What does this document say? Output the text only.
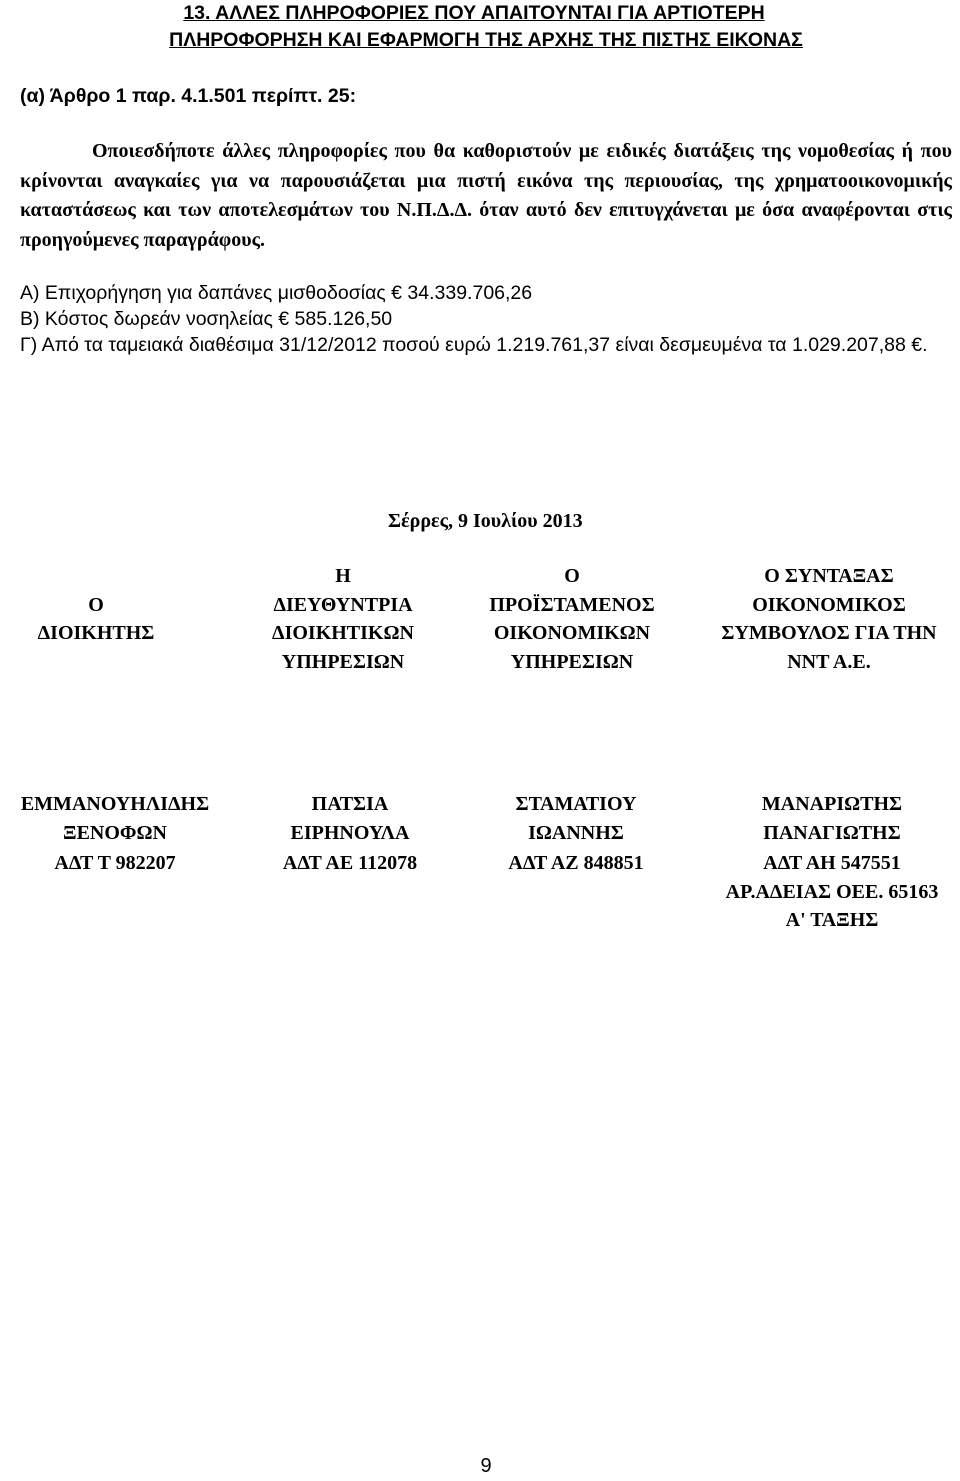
13. ΑΛΛΕΣ ΠΛΗΡΟΦΟΡΙΕΣ ΠΟΥ ΑΠΑΙΤΟΥΝΤΑΙ ΓΙΑ ΑΡΤΙΟΤΕΡΗ
ΠΛΗΡΟΦΟΡΗΣΗ ΚΑΙ ΕΦΑΡΜΟΓΗ ΤΗΣ ΑΡΧΗΣ ΤΗΣ ΠΙΣΤΗΣ ΕΙΚΟΝΑΣ
(α) Άρθρο 1 παρ. 4.1.501 περίπτ. 25:
Οποιεσδήποτε άλλες πληροφορίες που θα καθοριστούν με ειδικές διατάξεις της νομοθεσίας ή που κρίνονται αναγκαίες για να παρουσιάζεται μια πιστή εικόνα της περιουσίας, της χρηματοοικονομικής καταστάσεως και των αποτελεσμάτων του Ν.Π.Δ.Δ. όταν αυτό δεν επιτυγχάνεται με όσα αναφέρονται στις προηγούμενες παραγράφους.
Α) Επιχορήγηση για δαπάνες μισθοδοσίας € 34.339.706,26
Β) Κόστος δωρεάν νοσηλείας € 585.126,50
Γ) Από τα ταμειακά διαθέσιμα 31/12/2012 ποσού ευρώ 1.219.761,37 είναι δεσμευμένα τα 1.029.207,88 €.
Σέρρες, 9 Ιουλίου 2013
Ο
ΔΙΟΙΚΗΤΗΣ
Η
ΔΙΕΥΘΥΝΤΡΙΑ
ΔΙΟΙΚΗΤΙΚΩΝ
ΥΠΗΡΕΣΙΩΝ
Ο
ΠΡΟΪΣΤΑΜΕΝΟΣ
ΟΙΚΟΝΟΜΙΚΩΝ
ΥΠΗΡΕΣΙΩΝ
Ο ΣΥΝΤΑΞΑΣ
ΟΙΚΟΝΟΜΙΚΟΣ
ΣΥΜΒΟΥΛΟΣ ΓΙΑ ΤΗΝ
ΝΝΤ Α.Ε.
ΕΜΜΑΝΟΥΗΛΙΔΗΣ
ΞΕΝΟΦΩΝ
ΑΔΤ Τ 982207
ΠΑΤΣΙΑ
ΕΙΡΗΝΟΥΛΑ
ΑΔΤ ΑΕ 112078
ΣΤΑΜΑΤΙΟΥ
ΙΩΑΝΝΗΣ
ΑΔΤ ΑΖ 848851
ΜΑΝΑΡΙΩΤΗΣ
ΠΑΝΑΓΙΩΤΗΣ
ΑΔΤ ΑΗ 547551
ΑΡ.ΑΔΕΙΑΣ ΟΕΕ. 65163
Α' ΤΑΞΗΣ
9
